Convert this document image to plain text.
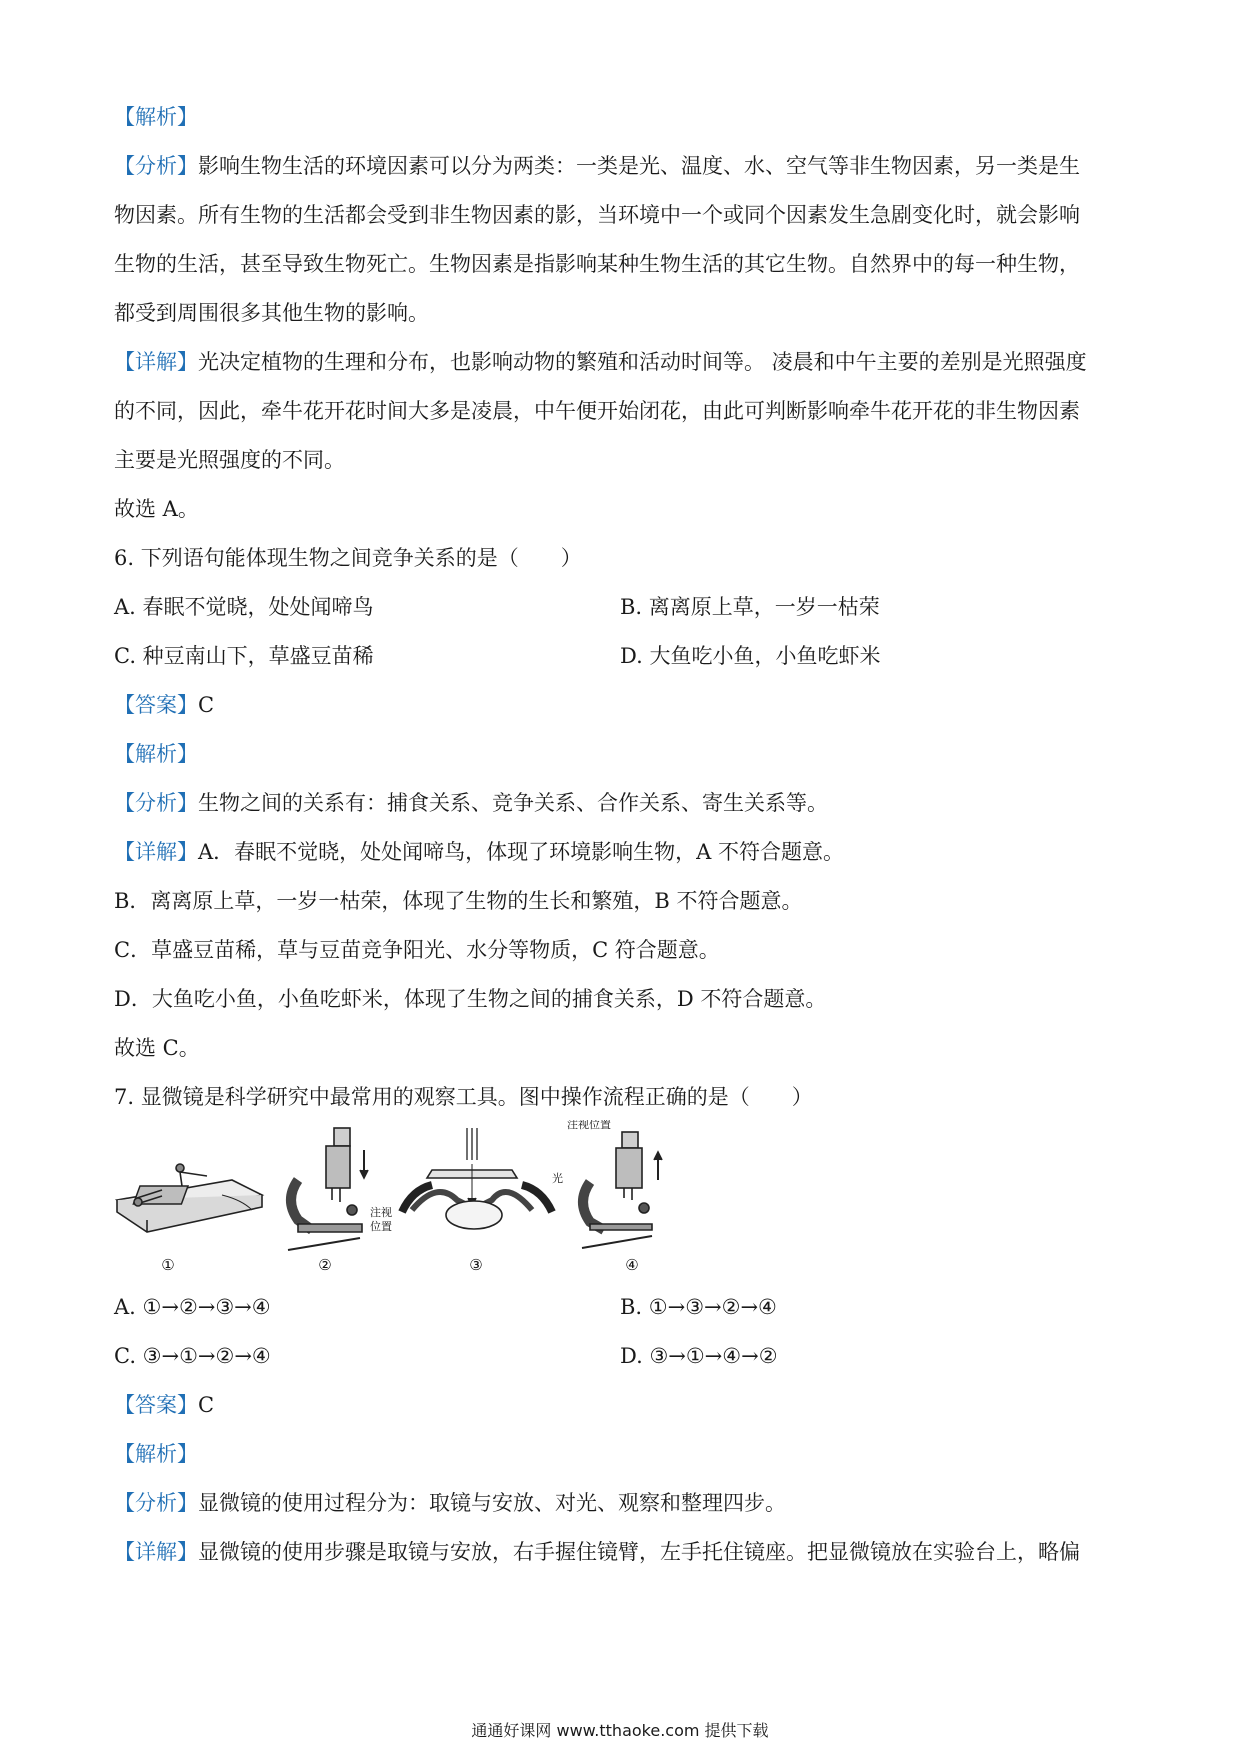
【解析】
【分析】影响生物生活的环境因素可以分为两类：一类是光、温度、水、空气等非生物因素，另一类是生
物因素。所有生物的生活都会受到非生物因素的影，当环境中一个或同个因素发生急剧变化时，就会影响
生物的生活，甚至导致生物死亡。生物因素是指影响某种生物生活的其它生物。自然界中的每一种生物，
都受到周围很多其他生物的影响。
【详解】光决定植物的生理和分布，也影响动物的繁殖和活动时间等。 凌晨和中午主要的差别是光照强度
的不同，因此，牵牛花开花时间大多是凌晨，中午便开始闭花，由此可判断影响牵牛花开花的非生物因素
主要是光照强度的不同。
故选 A。
6. 下列语句能体现生物之间竞争关系的是（　　）
A. 春眠不觉晓，处处闻啼鸟	B. 离离原上草，一岁一枯荣
C. 种豆南山下，草盛豆苗稀	D. 大鱼吃小鱼，小鱼吃虾米
【答案】C
【解析】
【分析】生物之间的关系有：捕食关系、竞争关系、合作关系、寄生关系等。
【详解】A．春眠不觉晓，处处闻啼鸟，体现了环境影响生物，A 不符合题意。
B．离离原上草，一岁一枯荣，体现了生物的生长和繁殖，B 不符合题意。
C．草盛豆苗稀，草与豆苗竞争阳光、水分等物质，C 符合题意。
D．大鱼吃小鱼，小鱼吃虾米，体现了生物之间的捕食关系，D 不符合题意。
故选 C。
7. 显微镜是科学研究中最常用的观察工具。图中操作流程正确的是（　　）
①	②	③	④
注视
位置
光
注视位置
A. ①→②→③→④	B. ①→③→②→④
C. ③→①→②→④	D. ③→①→④→②
【答案】C
【解析】
【分析】显微镜的使用过程分为：取镜与安放、对光、观察和整理四步。
【详解】显微镜的使用步骤是取镜与安放，右手握住镜臂，左手托住镜座。把显微镜放在实验台上，略偏
通通好课网 www.tthaoke.com 提供下载
